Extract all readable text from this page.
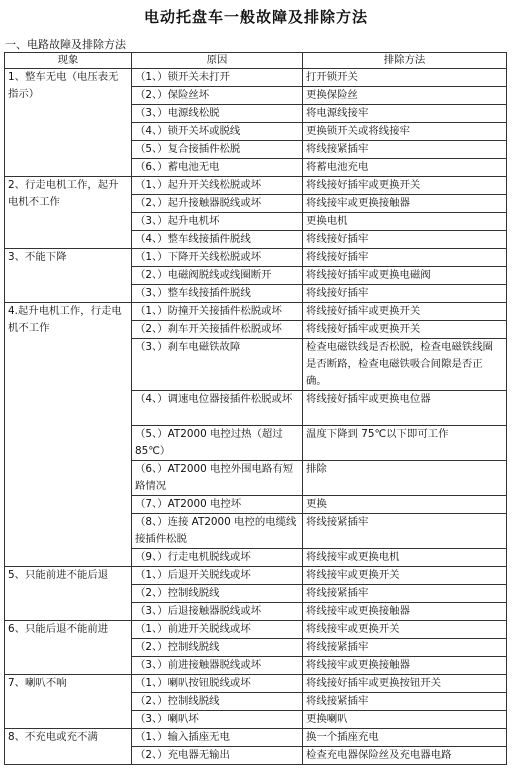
电动托盘车一般故障及排除方法
一、电路故障及排除方法
现象	原因	排除方法
1、整车无电（电压表无指示）	（1、）锁开关未打开	打开锁开关
	（2、）保险丝坏	更换保险丝
	（3、）电源线松脱	将电源线接牢
	（4、）锁开关坏或脱线	更换锁开关或将线接牢
	（5、）复合接插件松脱	将线接紧插牢
	（6、）蓄电池无电	将蓄电池充电
2、行走电机工作，起升电机不工作	（1、）起升开关线松脱或坏	将线接好插牢或更换开关
	（2、）起升接触器脱线或坏	将线接牢或更换接触器
	（3、）起升电机坏	更换电机
	（4、）整车线接插件脱线	将线接好插牢
3、不能下降	（1、）下降开关线松脱或坏	将线接好插牢
	（2、）电磁阀脱线或线圈断开	将线接好插牢或更换电磁阀
	（3、）整车线接插件脱线	将线接好插牢
4.起升电机工作，行走电机不工作	（1、）防撞开关接插件松脱或坏	将线接好插牢或更换开关
	（2、）刹车开关接插件松脱或坏	将线接好插牢或更换开关
	（3、）刹车电磁铁故障	检查电磁铁线是否松脱，检查电磁铁线圈是否断路，检查电磁铁吸合间隙是否正确。
	（4、）调速电位器接插件松脱或坏	将线接好插牢或更换电位器
	（5、）AT2000 电控过热（超过 85℃）	温度下降到 75℃以下即可工作
	（6、）AT2000 电控外围电路有短路情况	排除
	（7、）AT2000 电控坏	更换
	（8、）连接 AT2000 电控的电缆线接插件松脱	将线接紧插牢
	（9、）行走电机脱线或坏	将线接牢或更换电机
5、只能前进不能后退	（1、）后退开关脱线或坏	将线接牢或更换开关
	（2、）控制线脱线	将线接紧插牢
	（3、）后退接触器脱线或坏	将线接牢或更换接触器
6、只能后退不能前进	（1、）前进开关脱线或坏	将线接牢或更换开关
	（2、）控制线脱线	将线接紧插牢
	（3、）前进接触器脱线或坏	将线接牢或更换接触器
7、喇叭不响	（1、）喇叭按钮脱线或坏	将线接好插牢或更换按钮开关
	（2、）控制线脱线	将线接紧插牢
	（3、）喇叭坏	更换喇叭
8、不充电或充不满	（1、）输入插座无电	换一个插座充电
	（2、）充电器无输出	检查充电器保险丝及充电器电路
